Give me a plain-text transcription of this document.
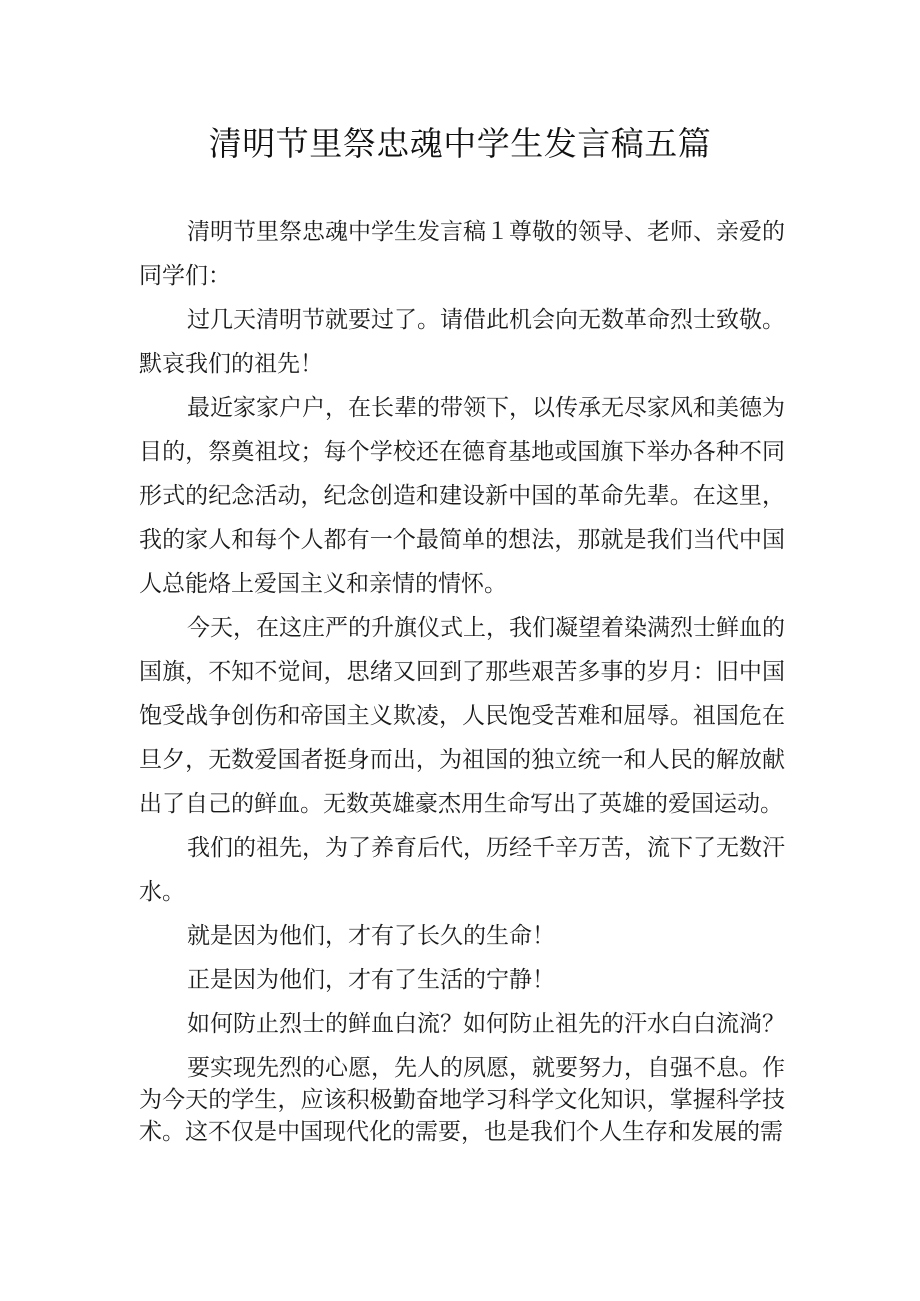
清明节里祭忠魂中学生发言稿五篇

清明节里祭忠魂中学生发言稿１尊敬的领导、老师、亲爱的同学们：

过几天清明节就要过了。请借此机会向无数革命烈士致敬。默哀我们的祖先！

最近家家户户，在长辈的带领下，以传承无尽家风和美德为目的，祭奠祖坟；每个学校还在德育基地或国旗下举办各种不同形式的纪念活动，纪念创造和建设新中国的革命先辈。在这里，我的家人和每个人都有一个最简单的想法，那就是我们当代中国人总能烙上爱国主义和亲情的情怀。

今天，在这庄严的升旗仪式上，我们凝望着染满烈士鲜血的国旗，不知不觉间，思绪又回到了那些艰苦多事的岁月：旧中国饱受战争创伤和帝国主义欺凌，人民饱受苦难和屈辱。祖国危在旦夕，无数爱国者挺身而出，为祖国的独立统一和人民的解放献出了自己的鲜血。无数英雄豪杰用生命写出了英雄的爱国运动。

我们的祖先，为了养育后代，历经千辛万苦，流下了无数汗水。

就是因为他们，才有了长久的生命！

正是因为他们，才有了生活的宁静！

如何防止烈士的鲜血白流？如何防止祖先的汗水白白流淌？

要实现先烈的心愿，先人的夙愿，就要努力，自强不息。作为今天的学生，应该积极勤奋地学习科学文化知识，掌握科学技术。这不仅是中国现代化的需要，也是我们个人生存和发展的需
